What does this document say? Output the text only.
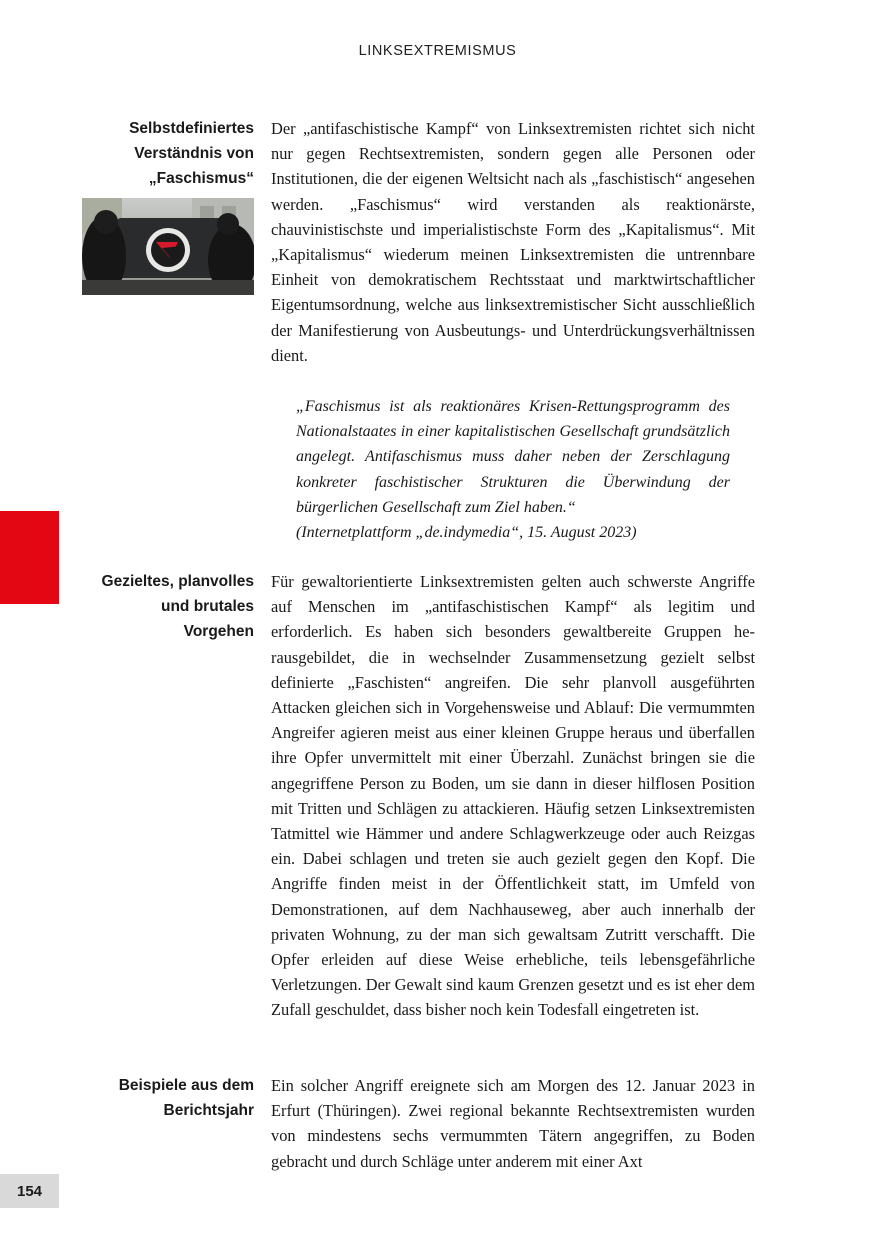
LINKSEXTREMISMUS
Selbstdefiniertes
Verständnis von
„Faschismus“

Der „antifaschistische Kampf“ von Linksextremisten richtet sich nicht nur gegen Rechtsextremisten, sondern gegen alle Personen oder Institutionen, die der eigenen Weltsicht nach als „faschistisch“ angesehen werden. „Faschismus“ wird verstanden als reaktionärste, chauvinistischste und imperialistischste Form des „Kapitalismus“. Mit „Kapitalismus“ wiederum meinen Linksextremisten die untrennbare Einheit von demokratischem Rechtsstaat und marktwirtschaftlicher Eigentumsordnung, welche aus linksextremistischer Sicht ausschließlich der Manifestierung von Ausbeutungs- und Unterdrückungsverhältnissen dient.

„Faschismus ist als reaktionäres Krisen-Rettungsprogramm des Nationalstaates in einer kapitalistischen Gesellschaft grundsätzlich angelegt. Antifaschismus muss daher neben der Zerschlagung konkreter faschistischer Strukturen die Überwindung der bürgerlichen Gesellschaft zum Ziel haben.“
(Internetplattform „de.indymedia“, 15. August 2023)

Gezieltes, planvolles
und brutales
Vorgehen

Für gewaltorientierte Linksextremisten gelten auch schwerste Angriffe auf Menschen im „antifaschistischen Kampf“ als legitim und erforderlich. Es haben sich besonders gewaltbereite Gruppen herausgebildet, die in wechselnder Zusammensetzung gezielt selbst definierte „Faschisten“ angreifen. Die sehr planvoll ausgeführten Attacken gleichen sich in Vorgehensweise und Ablauf: Die vermummten Angreifer agieren meist aus einer kleinen Gruppe heraus und überfallen ihre Opfer unvermittelt mit einer Überzahl. Zunächst bringen sie die angegriffene Person zu Boden, um sie dann in dieser hilflosen Position mit Tritten und Schlägen zu attackieren. Häufig setzen Linksextremisten Tatmittel wie Hämmer und andere Schlagwerkzeuge oder auch Reizgas ein. Dabei schlagen und treten sie auch gezielt gegen den Kopf. Die Angriffe finden meist in der Öffentlichkeit statt, im Umfeld von Demonstrationen, auf dem Nachhauseweg, aber auch innerhalb der privaten Wohnung, zu der man sich gewaltsam Zutritt verschafft. Die Opfer erleiden auf diese Weise erhebliche, teils lebensgefährliche Verletzungen. Der Gewalt sind kaum Grenzen gesetzt und es ist eher dem Zufall geschuldet, dass bisher noch kein Todesfall eingetreten ist.

Beispiele aus dem
Berichtsjahr

Ein solcher Angriff ereignete sich am Morgen des 12. Januar 2023 in Erfurt (Thüringen). Zwei regional bekannte Rechtsextremisten wurden von mindestens sechs vermummten Tätern angegriffen, zu Boden gebracht und durch Schläge unter anderem mit einer Axt

154
